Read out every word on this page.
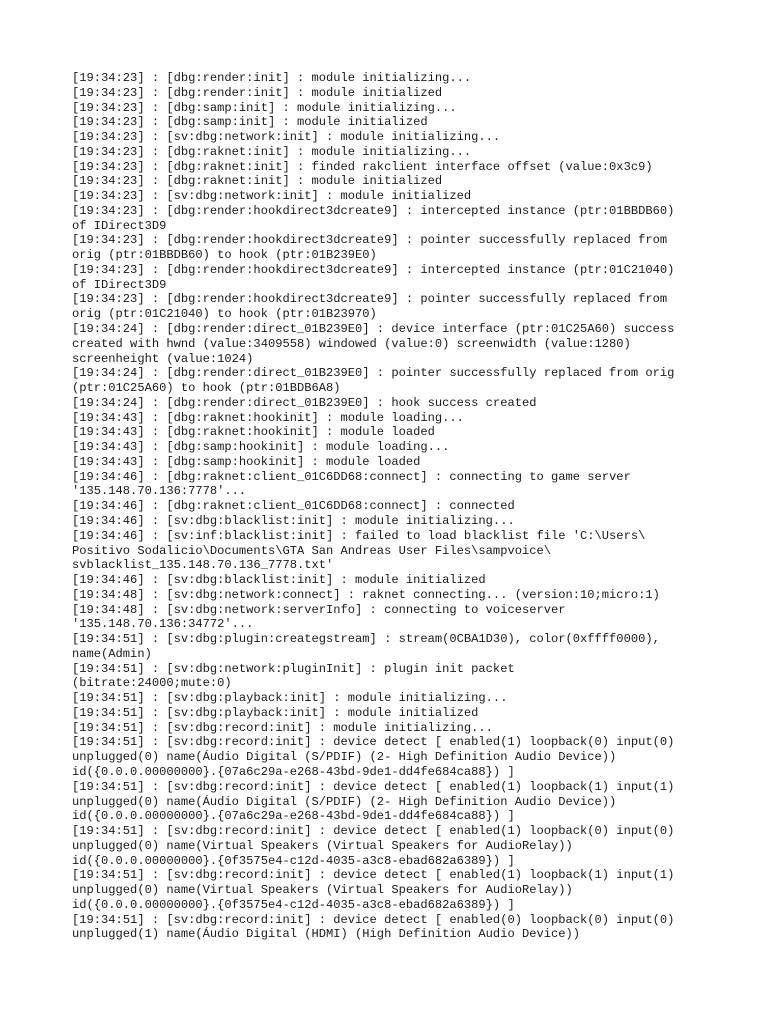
[19:34:23] : [dbg:render:init] : module initializing...
[19:34:23] : [dbg:render:init] : module initialized
[19:34:23] : [dbg:samp:init] : module initializing...
[19:34:23] : [dbg:samp:init] : module initialized
[19:34:23] : [sv:dbg:network:init] : module initializing...
[19:34:23] : [dbg:raknet:init] : module initializing...
[19:34:23] : [dbg:raknet:init] : finded rakclient interface offset (value:0x3c9)
[19:34:23] : [dbg:raknet:init] : module initialized
[19:34:23] : [sv:dbg:network:init] : module initialized
[19:34:23] : [dbg:render:hookdirect3dcreate9] : intercepted instance (ptr:01BBDB60)
of IDirect3D9
[19:34:23] : [dbg:render:hookdirect3dcreate9] : pointer successfully replaced from
orig (ptr:01BBDB60) to hook (ptr:01B239E0)
[19:34:23] : [dbg:render:hookdirect3dcreate9] : intercepted instance (ptr:01C21040)
of IDirect3D9
[19:34:23] : [dbg:render:hookdirect3dcreate9] : pointer successfully replaced from
orig (ptr:01C21040) to hook (ptr:01B23970)
[19:34:24] : [dbg:render:direct_01B239E0] : device interface (ptr:01C25A60) success
created with hwnd (value:3409558) windowed (value:0) screenwidth (value:1280)
screenheight (value:1024)
[19:34:24] : [dbg:render:direct_01B239E0] : pointer successfully replaced from orig
(ptr:01C25A60) to hook (ptr:01BDB6A8)
[19:34:24] : [dbg:render:direct_01B239E0] : hook success created
[19:34:43] : [dbg:raknet:hookinit] : module loading...
[19:34:43] : [dbg:raknet:hookinit] : module loaded
[19:34:43] : [dbg:samp:hookinit] : module loading...
[19:34:43] : [dbg:samp:hookinit] : module loaded
[19:34:46] : [dbg:raknet:client_01C6DD68:connect] : connecting to game server
'135.148.70.136:7778'...
[19:34:46] : [dbg:raknet:client_01C6DD68:connect] : connected
[19:34:46] : [sv:dbg:blacklist:init] : module initializing...
[19:34:46] : [sv:inf:blacklist:init] : failed to load blacklist file 'C:\Users\
Positivo Sodalicio\Documents\GTA San Andreas User Files\sampvoice\
svblacklist_135.148.70.136_7778.txt'
[19:34:46] : [sv:dbg:blacklist:init] : module initialized
[19:34:48] : [sv:dbg:network:connect] : raknet connecting... (version:10;micro:1)
[19:34:48] : [sv:dbg:network:serverInfo] : connecting to voiceserver
'135.148.70.136:34772'...
[19:34:51] : [sv:dbg:plugin:creategstream] : stream(0CBA1D30), color(0xffff0000),
name(Admin)
[19:34:51] : [sv:dbg:network:pluginInit] : plugin init packet
(bitrate:24000;mute:0)
[19:34:51] : [sv:dbg:playback:init] : module initializing...
[19:34:51] : [sv:dbg:playback:init] : module initialized
[19:34:51] : [sv:dbg:record:init] : module initializing...
[19:34:51] : [sv:dbg:record:init] : device detect [ enabled(1) loopback(0) input(0)
unplugged(0) name(Áudio Digital (S/PDIF) (2- High Definition Audio Device))
id({0.0.0.00000000}.{07a6c29a-e268-43bd-9de1-dd4fe684ca88}) ]
[19:34:51] : [sv:dbg:record:init] : device detect [ enabled(1) loopback(1) input(1)
unplugged(0) name(Áudio Digital (S/PDIF) (2- High Definition Audio Device))
id({0.0.0.00000000}.{07a6c29a-e268-43bd-9de1-dd4fe684ca88}) ]
[19:34:51] : [sv:dbg:record:init] : device detect [ enabled(1) loopback(0) input(0)
unplugged(0) name(Virtual Speakers (Virtual Speakers for AudioRelay))
id({0.0.0.00000000}.{0f3575e4-c12d-4035-a3c8-ebad682a6389}) ]
[19:34:51] : [sv:dbg:record:init] : device detect [ enabled(1) loopback(1) input(1)
unplugged(0) name(Virtual Speakers (Virtual Speakers for AudioRelay))
id({0.0.0.00000000}.{0f3575e4-c12d-4035-a3c8-ebad682a6389}) ]
[19:34:51] : [sv:dbg:record:init] : device detect [ enabled(0) loopback(0) input(0)
unplugged(1) name(Áudio Digital (HDMI) (High Definition Audio Device))
